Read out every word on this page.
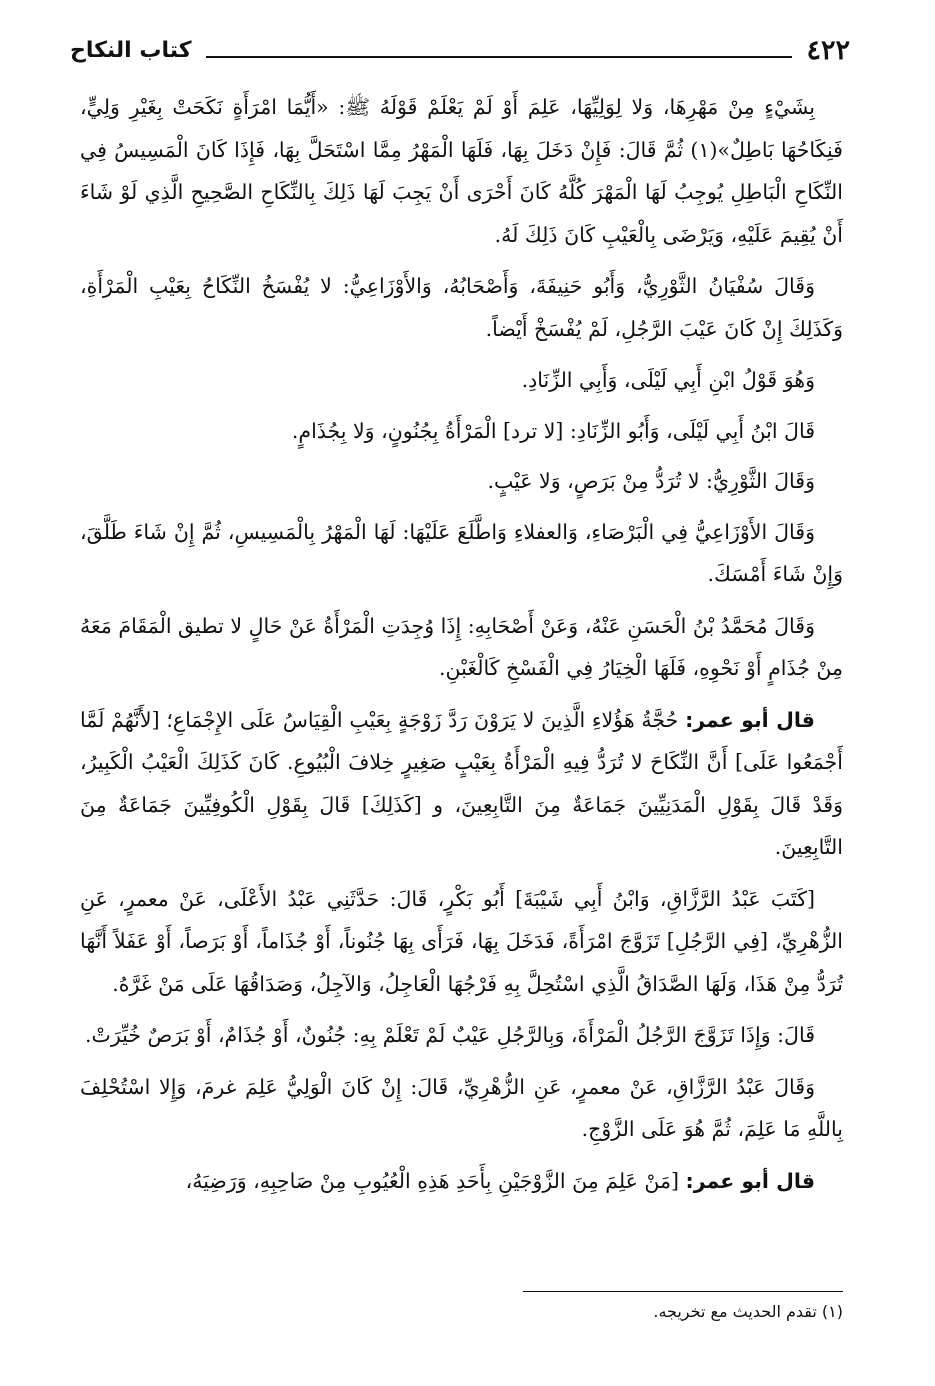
٤٢٢
كتاب النكاح

بِشَيْءٍ مِنْ مَهْرِهَا، وَلا لِوَلِيِّهَا، عَلِمَ أَوْ لَمْ يَعْلَمْ قَوْلَهُ ﷺ: «أَيُّمَا امْرَأَةٍ نَكَحَتْ بِغَيْرِ وَلِيٍّ، فَنِكَاحُهَا بَاطِلٌ»(١) ثُمَّ قَالَ: فَإِنْ دَخَلَ بِهَا، فَلَهَا الْمَهْرُ مِمَّا اسْتَحَلَّ بِهَا، فَإِذَا كَانَ الْمَسِيسُ فِي النِّكَاحِ الْبَاطِلِ يُوجِبُ لَهَا الْمَهْرَ كُلَّهُ كَانَ أَحْرَى أَنْ يَجِبَ لَهَا ذَلِكَ بِالنِّكَاحِ الصَّحِيحِ الَّذِي لَوْ شَاءَ أَنْ يُقِيمَ عَلَيْهِ، وَيَرْضَى بِالْعَيْبِ كَانَ ذَلِكَ لَهُ.

وَقَالَ سُفْيَانُ الثَّوْرِيُّ، وَأَبُو حَنِيفَةَ، وَأَصْحَابُهُ، وَالأَوْزَاعِيُّ: لا يُفْسَخُ النِّكَاحُ بِعَيْبِ الْمَرْأَةِ، وَكَذَلِكَ إِنْ كَانَ عَيْبَ الرَّجُلِ، لَمْ يُفْسَخْ أَيْضاً.

وَهُوَ قَوْلُ ابْنِ أَبِي لَيْلَى، وَأَبِي الزِّنَادِ.

قَالَ ابْنُ أَبِي لَيْلَى، وَأَبُو الزِّنَادِ: [لا ترد] الْمَرْأَةُ بِجُنُونٍ، وَلا بِجُذَامٍ.

وَقَالَ الثَّوْرِيُّ: لا تُرَدُّ مِنْ بَرَصٍ، وَلا عَيْبٍ.

وَقَالَ الأَوْزَاعِيُّ فِي الْبَرْصَاءِ، وَالعفلاءِ وَاطَّلَعَ عَلَيْهَا: لَهَا الْمَهْرُ بِالْمَسِيسِ، ثُمَّ إِنْ شَاءَ طَلَّقَ، وَإِنْ شَاءَ أَمْسَكَ.

وَقَالَ مُحَمَّدُ بْنُ الْحَسَنِ عَنْهُ، وَعَنْ أَصْحَابِهِ: إِذَا وُجِدَتِ الْمَرْأَةُ عَنْ حَالٍ لا تطيق الْمَقَامَ مَعَهُ مِنْ جُذَامٍ أَوْ نَحْوِهِ، فَلَهَا الْخِيَارُ فِي الْفَسْخِ كَالْغَبْنِ.

قال أبو عمر: حُجَّةُ هَؤُلاءِ الَّذِينَ لا يَرَوْنَ رَدَّ زَوْجَةٍ بِعَيْبِ الْقِيَاسُ عَلَى الإِجْمَاعِ؛ [لأَنَّهُمْ لَمَّا أَجْمَعُوا عَلَى] أَنَّ النِّكَاحَ لا تُرَدُّ فِيهِ الْمَرْأَةُ بِعَيْبٍ صَغِيرٍ خِلافَ الْبُيُوعِ. كَانَ كَذَلِكَ الْعَيْبُ الْكَبِيرُ، وَقَدْ قَالَ بِقَوْلِ الْمَدَنِيِّينَ جَمَاعَةٌ مِنَ التَّابِعِينَ، و [كَذَلِكَ] قَالَ بِقَوْلِ الْكُوفِيِّينَ جَمَاعَةٌ مِنَ التَّابِعِينَ.

[كَتَبَ عَبْدُ الرَّزَّاقِ، وَابْنُ أَبِي شَيْبَةَ] أَبُو بَكْرٍ، قَالَ: حَدَّثَنِي عَبْدُ الأَعْلَى، عَنْ معمرٍ، عَنِ الزُّهْرِيِّ، [فِي الرَّجُلِ] تَزَوَّجَ امْرَأَةً، فَدَخَلَ بِهَا، فَرَأَى بِهَا جُنُوناً، أَوْ جُذَاماً، أَوْ بَرَصاً، أَوْ عَفَلاً أَنَّهَا تُرَدُّ مِنْ هَذَا، وَلَهَا الصَّدَاقُ الَّذِي اسْتُحِلَّ بِهِ فَرْجُهَا الْعَاجِلُ، وَالآجِلُ، وَصَدَاقُهَا عَلَى مَنْ غَرَّهُ.

قَالَ: وَإِذَا تَزَوَّجَ الرَّجُلُ الْمَرْأَةَ، وَبِالرَّجُلِ عَيْبٌ لَمْ تَعْلَمْ بِهِ: جُنُونٌ، أَوْ جُذَامٌ، أَوْ بَرَصٌ خُيِّرَتْ.

وَقَالَ عَبْدُ الرَّزَّاقِ، عَنْ معمرٍ، عَنِ الزُّهْرِيِّ، قَالَ: إِنْ كَانَ الْوَلِيُّ عَلِمَ غرمَ، وَإِلا اسْتُحْلِفَ بِاللَّهِ مَا عَلِمَ، ثُمَّ هُوَ عَلَى الزَّوْجِ.

قال أبو عمر: [مَنْ عَلِمَ مِنَ الزَّوْجَيْنِ بِأَحَدِ هَذِهِ الْعُيُوبِ مِنْ صَاحِبِهِ، وَرَضِيَهُ،

(١) تقدم الحديث مع تخريجه.
